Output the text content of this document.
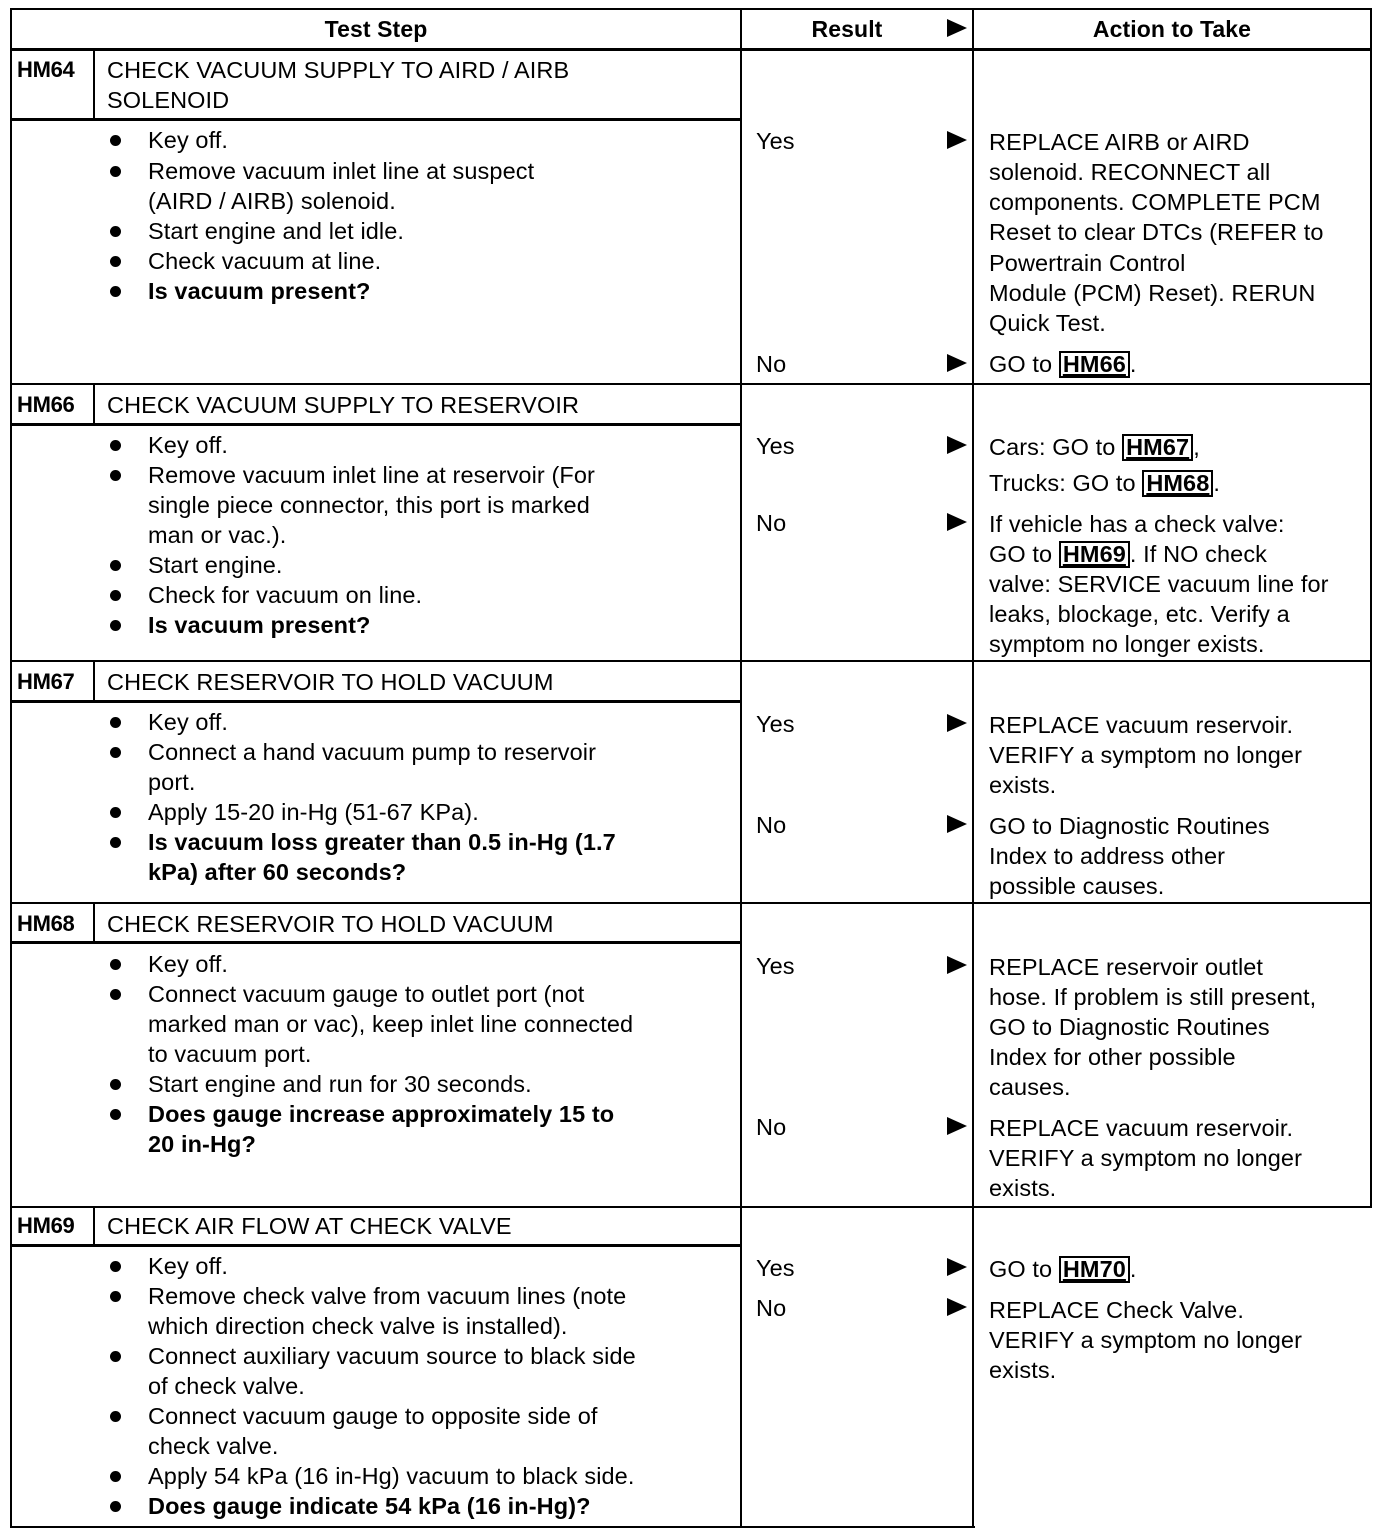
Test Step	Result	Action to Take
HM64 CHECK VACUUM SUPPLY TO AIRD / AIRB
SOLENOID
Key off.
Remove vacuum inlet line at suspect
(AIRD / AIRB) solenoid.
Start engine and let idle.
Check vacuum at line.
Is vacuum present?
Yes
No
REPLACE AIRB or AIRD
solenoid. RECONNECT all
components. COMPLETE PCM
Reset to clear DTCs (REFER to
Powertrain Control
Module (PCM) Reset). RERUN
Quick Test.
GO to HM66 .
HM66 CHECK VACUUM SUPPLY TO RESERVOIR
Key off.
Remove vacuum inlet line at reservoir (For
single piece connector, this port is marked
man or vac.).
Start engine.
Check for vacuum on line.
Is vacuum present?
Yes
No
Cars: GO to HM67 ,
Trucks: GO to HM68 .
If vehicle has a check valve:
GO to HM69 . If NO check
valve: SERVICE vacuum line for
leaks, blockage, etc. Verify a
symptom no longer exists.
HM67 CHECK RESERVOIR TO HOLD VACUUM
Key off.
Connect a hand vacuum pump to reservoir
port.
Apply 15-20 in-Hg (51-67 KPa).
Is vacuum loss greater than 0.5 in-Hg (1.7
kPa) after 60 seconds?
Yes
No
REPLACE vacuum reservoir.
VERIFY a symptom no longer
exists.
GO to Diagnostic Routines
Index to address other
possible causes.
HM68 CHECK RESERVOIR TO HOLD VACUUM
Key off.
Connect vacuum gauge to outlet port (not
marked man or vac), keep inlet line connected
to vacuum port.
Start engine and run for 30 seconds.
Does gauge increase approximately 15 to
20 in-Hg?
Yes
No
REPLACE reservoir outlet
hose. If problem is still present,
GO to Diagnostic Routines
Index for other possible
causes.
REPLACE vacuum reservoir.
VERIFY a symptom no longer
exists.
HM69 CHECK AIR FLOW AT CHECK VALVE
Key off.
Remove check valve from vacuum lines (note
which direction check valve is installed).
Connect auxiliary vacuum source to black side
of check valve.
Connect vacuum gauge to opposite side of
check valve.
Apply 54 kPa (16 in-Hg) vacuum to black side.
Does gauge indicate 54 kPa (16 in-Hg)?
Yes
No
GO to HM70 .
REPLACE Check Valve.
VERIFY a symptom no longer
exists.
